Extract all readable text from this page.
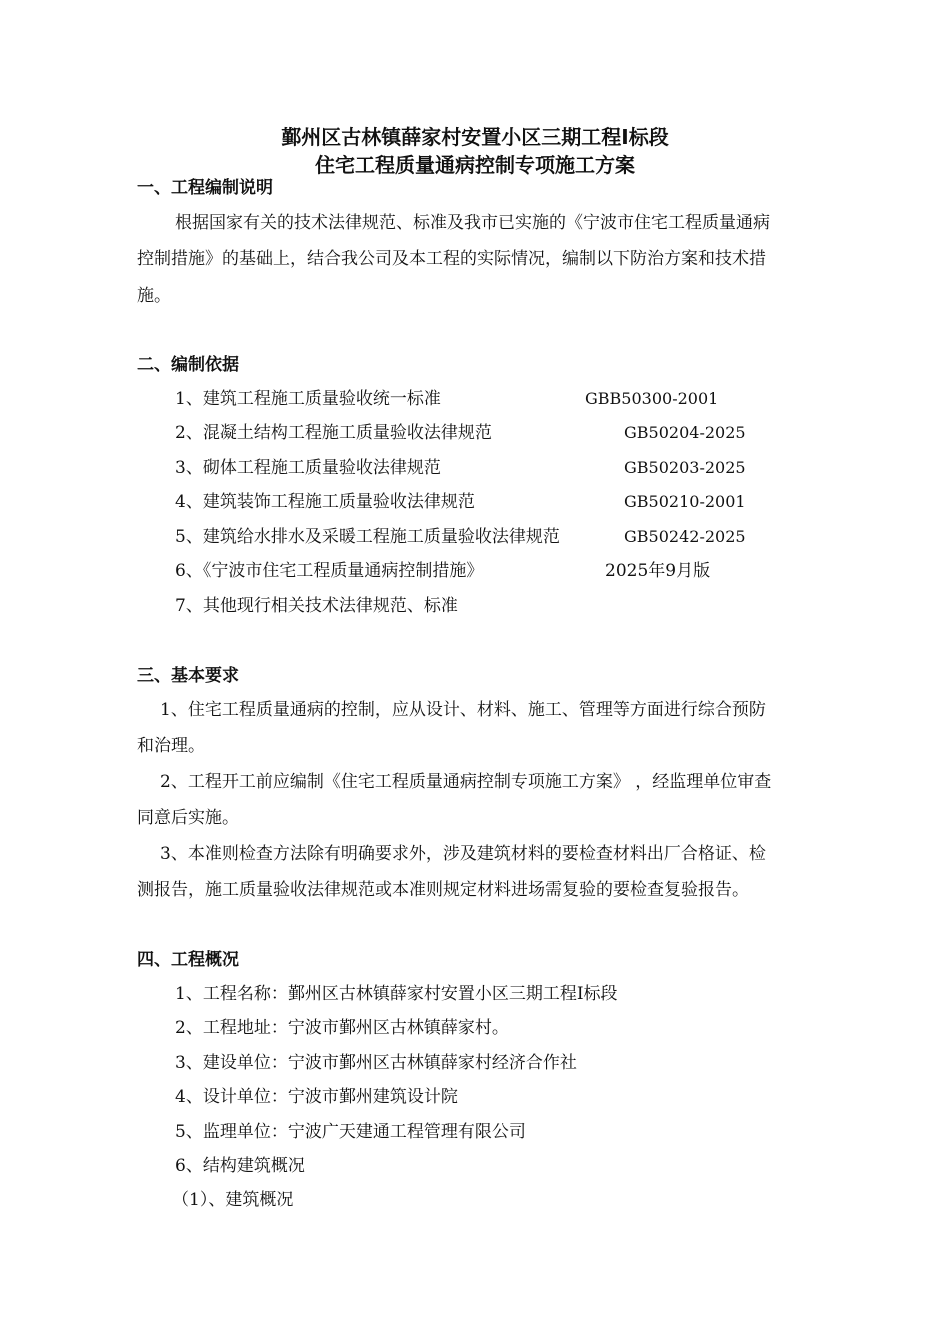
鄞州区古林镇薛家村安置小区三期工程Ⅰ标段
住宅工程质量通病控制专项施工方案
一、工程编制说明
根据国家有关的技术法律规范、标准及我市已实施的《宁波市住宅工程质量通病
控制措施》的基础上，结合我公司及本工程的实际情况，编制以下防治方案和技术措
施。
二、编制依据
1、建筑工程施工质量验收统一标准	GBB50300-2001
2、混凝土结构工程施工质量验收法律规范	GB50204-2025
3、砌体工程施工质量验收法律规范	GB50203-2025
4、建筑装饰工程施工质量验收法律规范	GB50210-2001
5、建筑给水排水及采暖工程施工质量验收法律规范	GB50242-2025
6、《宁波市住宅工程质量通病控制措施》	2025年9月版
7、其他现行相关技术法律规范、标准
三、基本要求
1、住宅工程质量通病的控制，应从设计、材料、施工、管理等方面进行综合预防
和治理。
2、工程开工前应编制《住宅工程质量通病控制专项施工方案》 ，经监理单位审查
同意后实施。
3、本准则检查方法除有明确要求外，涉及建筑材料的要检查材料出厂合格证、检
测报告，施工质量验收法律规范或本准则规定材料进场需复验的要检查复验报告。
四、工程概况
1、工程名称：鄞州区古林镇薛家村安置小区三期工程Ⅰ标段
2、工程地址：宁波市鄞州区古林镇薛家村。
3、建设单位：宁波市鄞州区古林镇薛家村经济合作社
4、设计单位：宁波市鄞州建筑设计院
5、监理单位：宁波广天建通工程管理有限公司
6、结构建筑概况
（1）、建筑概况
